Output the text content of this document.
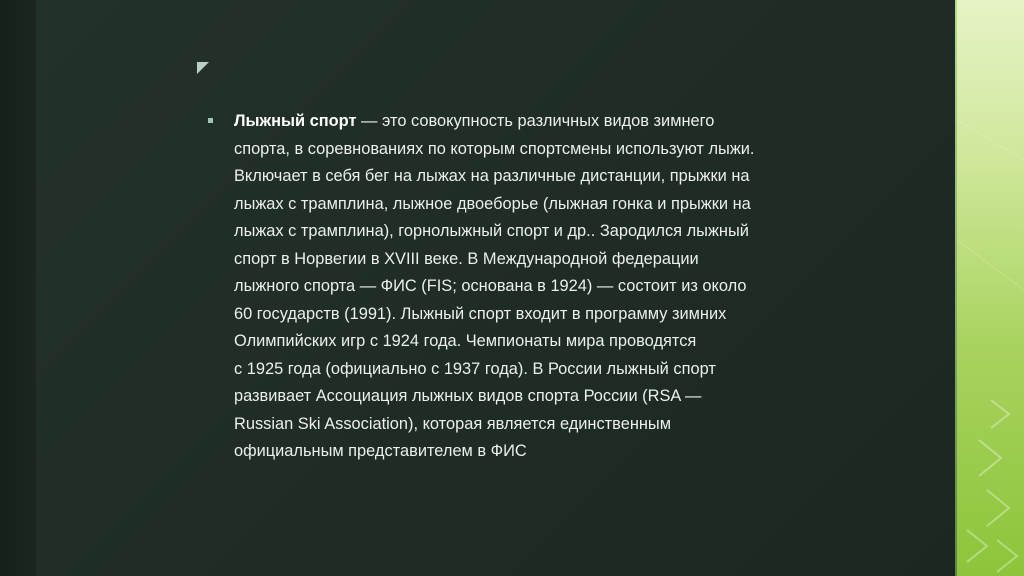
Лыжный спорт — это совокупность различных видов зимнего
спорта, в соревнованиях по которым спортсмены используют лыжи.
Включает в себя бег на лыжах на различные дистанции, прыжки на
лыжах с трамплина, лыжное двоеборье (лыжная гонка и прыжки на
лыжах с трамплина), горнолыжный спорт и др.. Зародился лыжный
спорт в Норвегии в XVIII веке. В Международной федерации
лыжного спорта — ФИС (FIS; основана в 1924) — состоит из около
60 государств (1991). Лыжный спорт входит в программу зимних
Олимпийских игр с 1924 года. Чемпионаты мира проводятся
с 1925 года (официально с 1937 года). В России лыжный спорт
развивает Ассоциация лыжных видов спорта России (RSA —
Russian Ski Association), которая является единственным
официальным представителем в ФИС
